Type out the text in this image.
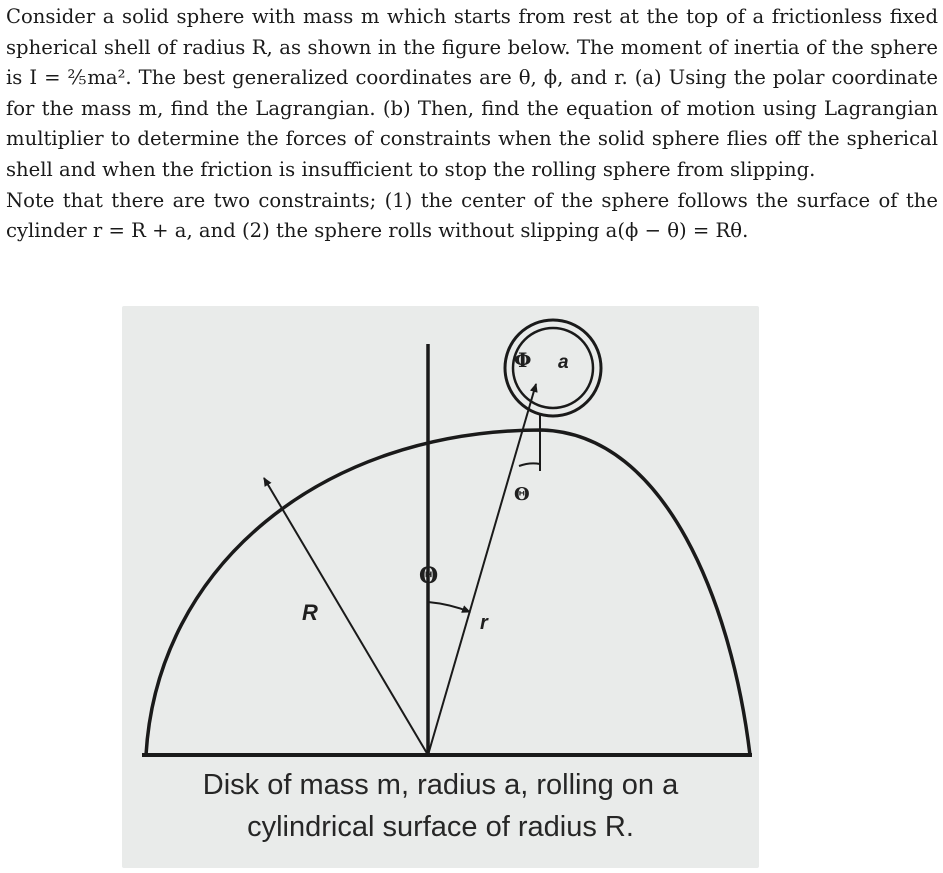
Consider a solid sphere with mass m which starts from rest at the top of a frictionless fixed spherical shell of radius R, as shown in the figure below. The moment of inertia of the sphere is I = ⅖ma². The best generalized coordinates are θ, ϕ, and r. (a) Using the polar coordinate for the mass m, find the Lagrangian. (b) Then, find the equation of motion using Lagrangian multiplier to determine the forces of constraints when the solid sphere flies off the spherical shell and when the friction is insufficient to stop the rolling sphere from slipping.

Note that there are two constraints; (1) the center of the sphere follows the surface of the cylinder r = R + a, and (2) the sphere rolls without slipping a(ϕ − θ) = Rθ.

R
Θ
r
Θ
Φ a
Disk of mass m, radius a, rolling on a
cylindrical surface of radius R.
